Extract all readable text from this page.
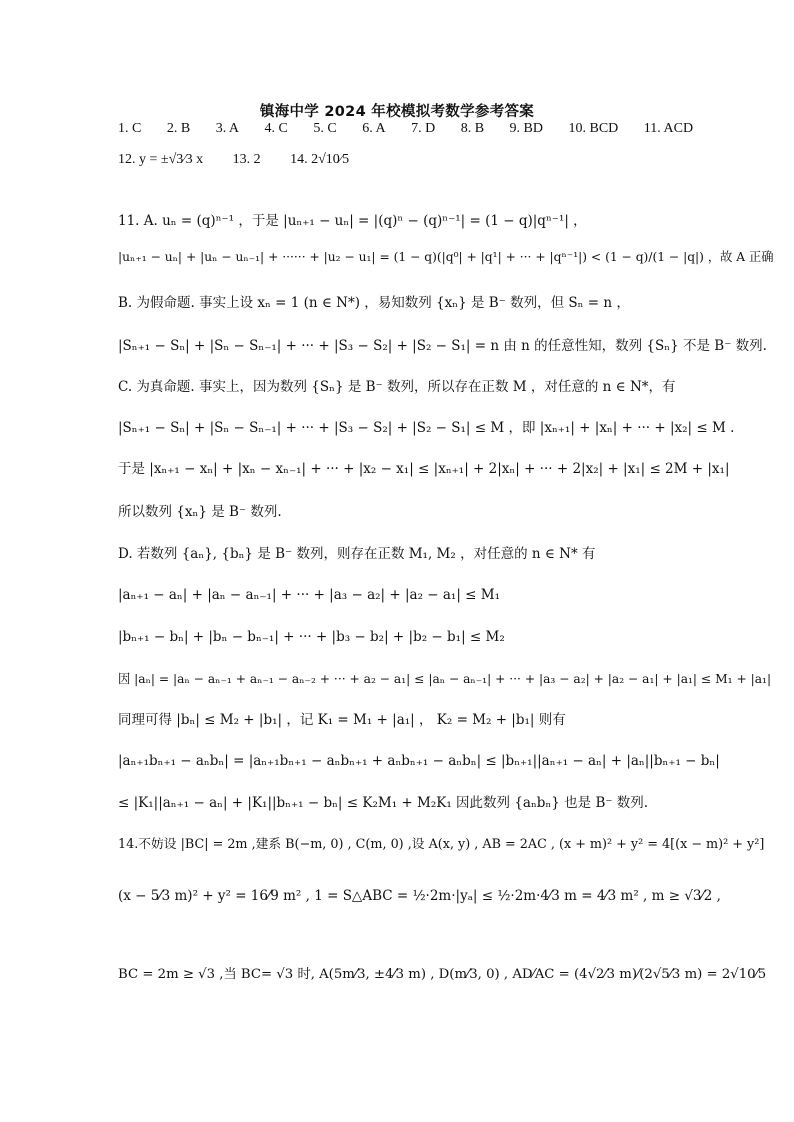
镇海中学 2024 年校模拟考数学参考答案
1. C 2. B 3. A 4. C 5. C 6. A 7. D 8. B 9. BD 10. BCD 11. ACD
12. y = ±√3⁄3 x 13. 2 14. 2√10⁄5
11. A. uₙ = (q)ⁿ⁻¹ ，于是 |uₙ₊₁ − uₙ| = |(q)ⁿ − (q)ⁿ⁻¹| = (1 − q)|qⁿ⁻¹| ，
|uₙ₊₁ − uₙ| + |uₙ − uₙ₋₁| + ······ + |u₂ − u₁| = (1 − q)(|q⁰| + |q¹| + ··· + |qⁿ⁻¹|) < (1 − q)/(1 − |q|) ，故 A 正确
B. 为假命题. 事实上设 xₙ = 1 (n ∈ N*) ，易知数列 {xₙ} 是 B⁻ 数列，但 Sₙ = n ，
|Sₙ₊₁ − Sₙ| + |Sₙ − Sₙ₋₁| + ··· + |S₃ − S₂| + |S₂ − S₁| = n 由 n 的任意性知，数列 {Sₙ} 不是 B⁻ 数列.
C. 为真命题. 事实上，因为数列 {Sₙ} 是 B⁻ 数列，所以存在正数 M ，对任意的 n ∈ N*，有
|Sₙ₊₁ − Sₙ| + |Sₙ − Sₙ₋₁| + ··· + |S₃ − S₂| + |S₂ − S₁| ≤ M ，即 |xₙ₊₁| + |xₙ| + ··· + |x₂| ≤ M .
于是 |xₙ₊₁ − xₙ| + |xₙ − xₙ₋₁| + ··· + |x₂ − x₁| ≤ |xₙ₊₁| + 2|xₙ| + ··· + 2|x₂| + |x₁| ≤ 2M + |x₁|
所以数列 {xₙ} 是 B⁻ 数列.
D. 若数列 {aₙ}, {bₙ} 是 B⁻ 数列，则存在正数 M₁, M₂ ，对任意的 n ∈ N* 有
|aₙ₊₁ − aₙ| + |aₙ − aₙ₋₁| + ··· + |a₃ − a₂| + |a₂ − a₁| ≤ M₁
|bₙ₊₁ − bₙ| + |bₙ − bₙ₋₁| + ··· + |b₃ − b₂| + |b₂ − b₁| ≤ M₂
因 |aₙ| = |aₙ − aₙ₋₁ + aₙ₋₁ − aₙ₋₂ + ··· + a₂ − a₁| ≤ |aₙ − aₙ₋₁| + ··· + |a₃ − a₂| + |a₂ − a₁| + |a₁| ≤ M₁ + |a₁|
同理可得 |bₙ| ≤ M₂ + |b₁| ，记 K₁ = M₁ + |a₁| ， K₂ = M₂ + |b₁| 则有
|aₙ₊₁bₙ₊₁ − aₙbₙ| = |aₙ₊₁bₙ₊₁ − aₙbₙ₊₁ + aₙbₙ₊₁ − aₙbₙ| ≤ |bₙ₊₁||aₙ₊₁ − aₙ| + |aₙ||bₙ₊₁ − bₙ|
≤ |K₁||aₙ₊₁ − aₙ| + |K₁||bₙ₊₁ − bₙ| ≤ K₂M₁ + M₂K₁ 因此数列 {aₙbₙ} 也是 B⁻ 数列.
14.不妨设 |BC| = 2m ,建系 B(−m, 0) , C(m, 0) ,设 A(x, y) , AB = 2AC , (x + m)² + y² = 4[(x − m)² + y²]
(x − 5⁄3 m)² + y² = 16⁄9 m² , 1 = S△ABC = ½·2m·|yₐ| ≤ ½·2m·4⁄3 m = 4⁄3 m² , m ≥ √3⁄2 ,
BC = 2m ≥ √3 ,当 BC= √3 时, A(5m⁄3, ±4⁄3 m) , D(m⁄3, 0) , AD⁄AC = (4√2⁄3 m)⁄(2√5⁄3 m) = 2√10⁄5
